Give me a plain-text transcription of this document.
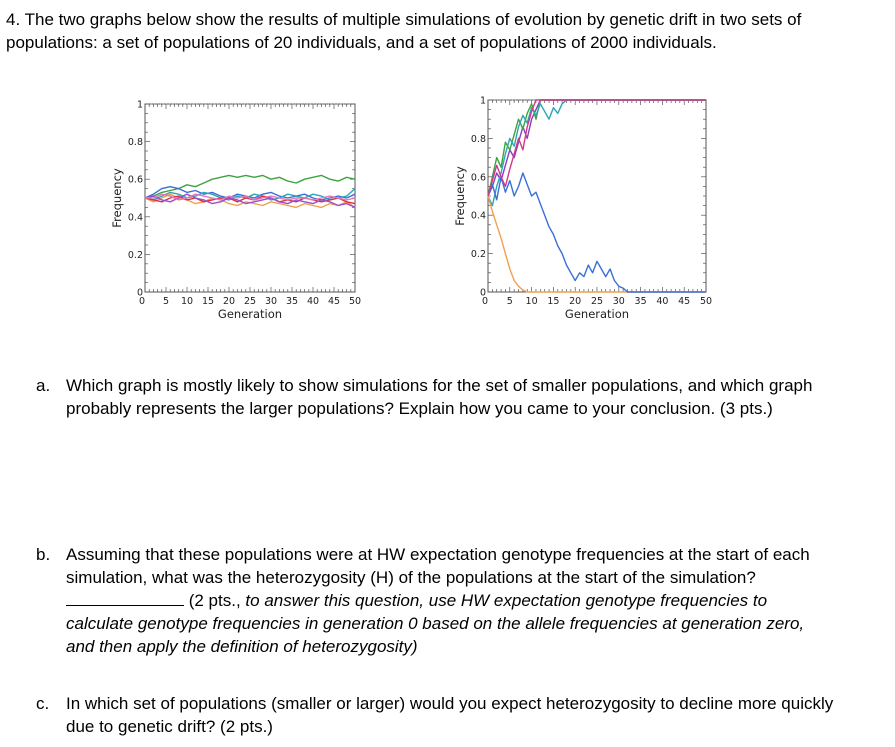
4. The two graphs below show the results of multiple simulations of evolution by genetic drift in two sets of populations: a set of populations of 20 individuals, and a set of populations of 2000 individuals.
0 5 10 15 20 25 30 35 40 45 50
0
0.2
0.4
0.6
0.8
1
Generation
Frequency
0 5 10 15 20 25 30 35 40 45 50
0
0.2
0.4
0.6
0.8
1
Generation
Frequency
a. Which graph is mostly likely to show simulations for the set of smaller populations, and which graph probably represents the larger populations? Explain how you came to your conclusion. (3 pts.)
b. Assuming that these populations were at HW expectation genotype frequencies at the start of each simulation, what was the heterozygosity (H) of the populations at the start of the simulation?  (2 pts., to answer this question, use HW expectation genotype frequencies to calculate genotype frequencies in generation 0 based on the allele frequencies at generation zero, and then apply the definition of heterozygosity)
c. In which set of populations (smaller or larger) would you expect heterozygosity to decline more quickly due to genetic drift? (2 pts.)
